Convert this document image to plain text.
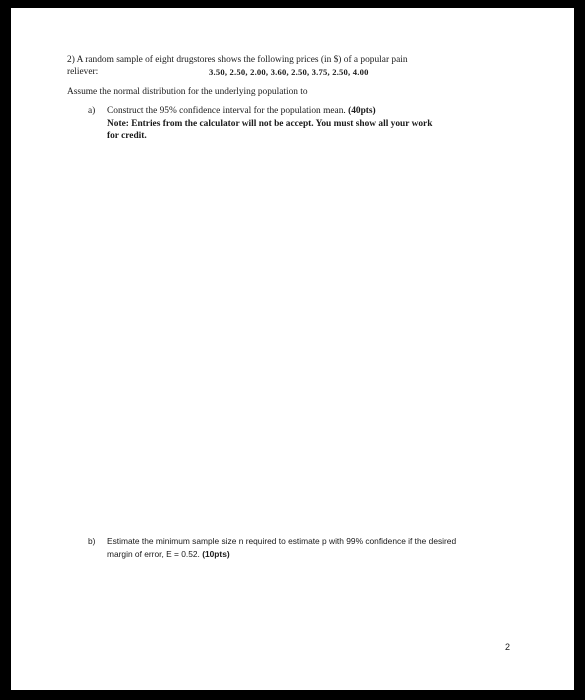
2) A random sample of eight drugstores shows the following prices (in $) of a popular pain
reliever:	3.50, 2.50, 2.00, 3.60, 2.50, 3.75, 2.50, 4.00
Assume the normal distribution for the underlying population to
a) Construct the 95% confidence interval for the population mean. (40pts)
Note: Entries from the calculator will not be accept. You must show all your work
for credit.
b) Estimate the minimum sample size n required to estimate p with 99% confidence if the desired
margin of error, E = 0.52. (10pts)
2
